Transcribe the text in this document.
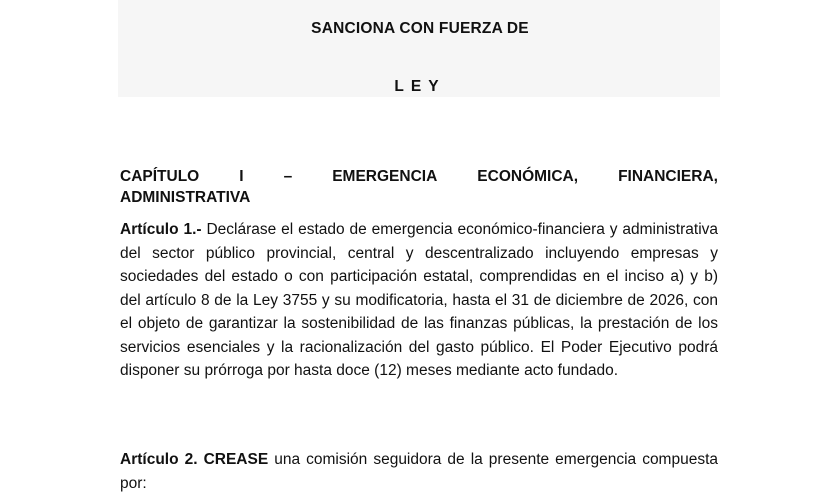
SANCIONA CON FUERZA DE
LEY
CAPÍTULO	I	–	EMERGENCIA	ECONÓMICA,	FINANCIERA,
ADMINISTRATIVA
Artículo 1.- Declárase el estado de emergencia económico-financiera y administrativa del sector público provincial, central y descentralizado incluyendo empresas y sociedades del estado o con participación estatal, comprendidas en el inciso a) y b) del artículo 8 de la Ley 3755 y su modificatoria, hasta el 31 de diciembre de 2026, con el objeto de garantizar la sostenibilidad de las finanzas públicas, la prestación de los servicios esenciales y la racionalización del gasto público. El Poder Ejecutivo podrá disponer su prórroga por hasta doce (12) meses mediante acto fundado.
Artículo 2. CREASE una comisión seguidora de la presente emergencia compuesta por:
